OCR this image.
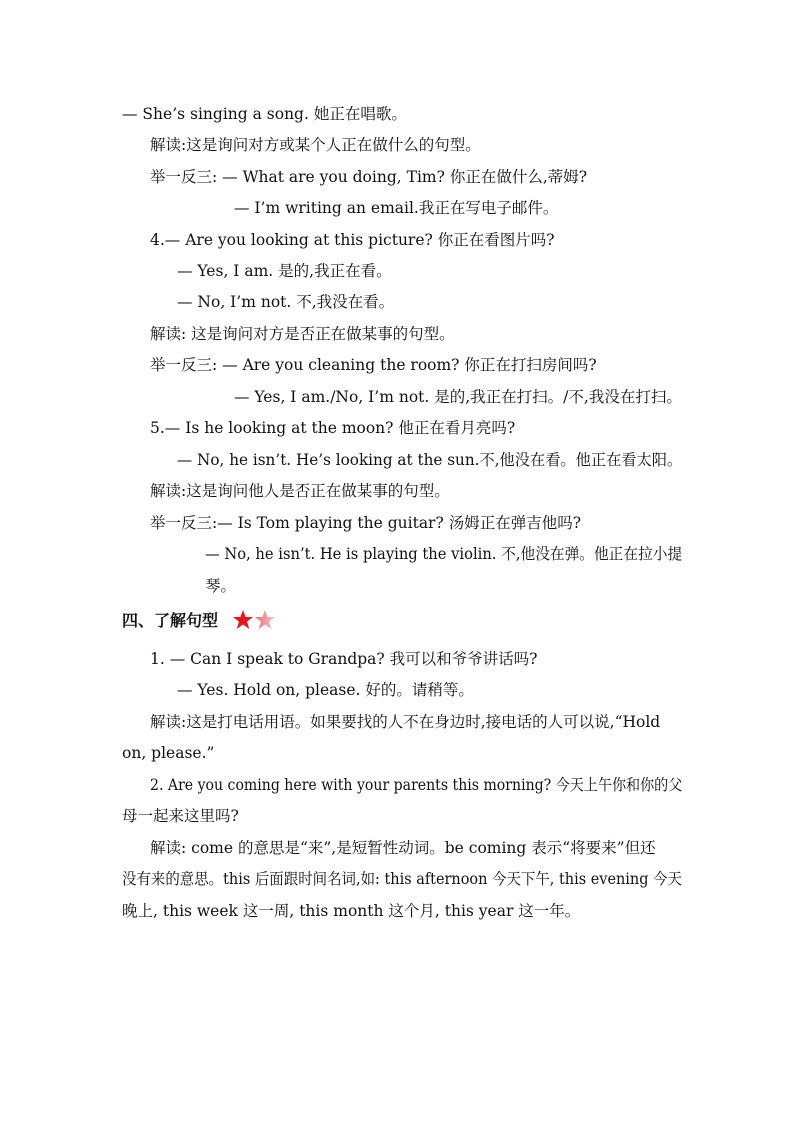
— She’s singing a song. 她正在唱歌。
解读:这是询问对方或某个人正在做什么的句型。
举一反三: — What are you doing, Tim? 你正在做什么,蒂姆?
— I’m writing an email.我正在写电子邮件。
4.— Are you looking at this picture? 你正在看图片吗?
— Yes, I am. 是的,我正在看。
— No, I’m not. 不,我没在看。
解读: 这是询问对方是否正在做某事的句型。
举一反三: — Are you cleaning the room? 你正在打扫房间吗?
— Yes, I am./No, I’m not. 是的,我正在打扫。/不,我没在打扫。
5.— Is he looking at the moon? 他正在看月亮吗?
— No, he isn’t. He’s looking at the sun.不,他没在看。他正在看太阳。
解读:这是询问他人是否正在做某事的句型。
举一反三:— Is Tom playing the guitar? 汤姆正在弹吉他吗?
— No, he isn’t. He is playing the violin. 不,他没在弹。他正在拉小提
琴。
四、了解句型
1. — Can I speak to Grandpa? 我可以和爷爷讲话吗?
— Yes. Hold on, please. 好的。请稍等。
解读:这是打电话用语。如果要找的人不在身边时,接电话的人可以说,“Hold
on, please.”
2. Are you coming here with your parents this morning? 今天上午你和你的父
母一起来这里吗?
解读: come 的意思是“来”,是短暂性动词。be coming 表示“将要来”但还
没有来的意思。this 后面跟时间名词,如: this afternoon 今天下午, this evening 今天
晚上, this week 这一周, this month 这个月, this year 这一年。
